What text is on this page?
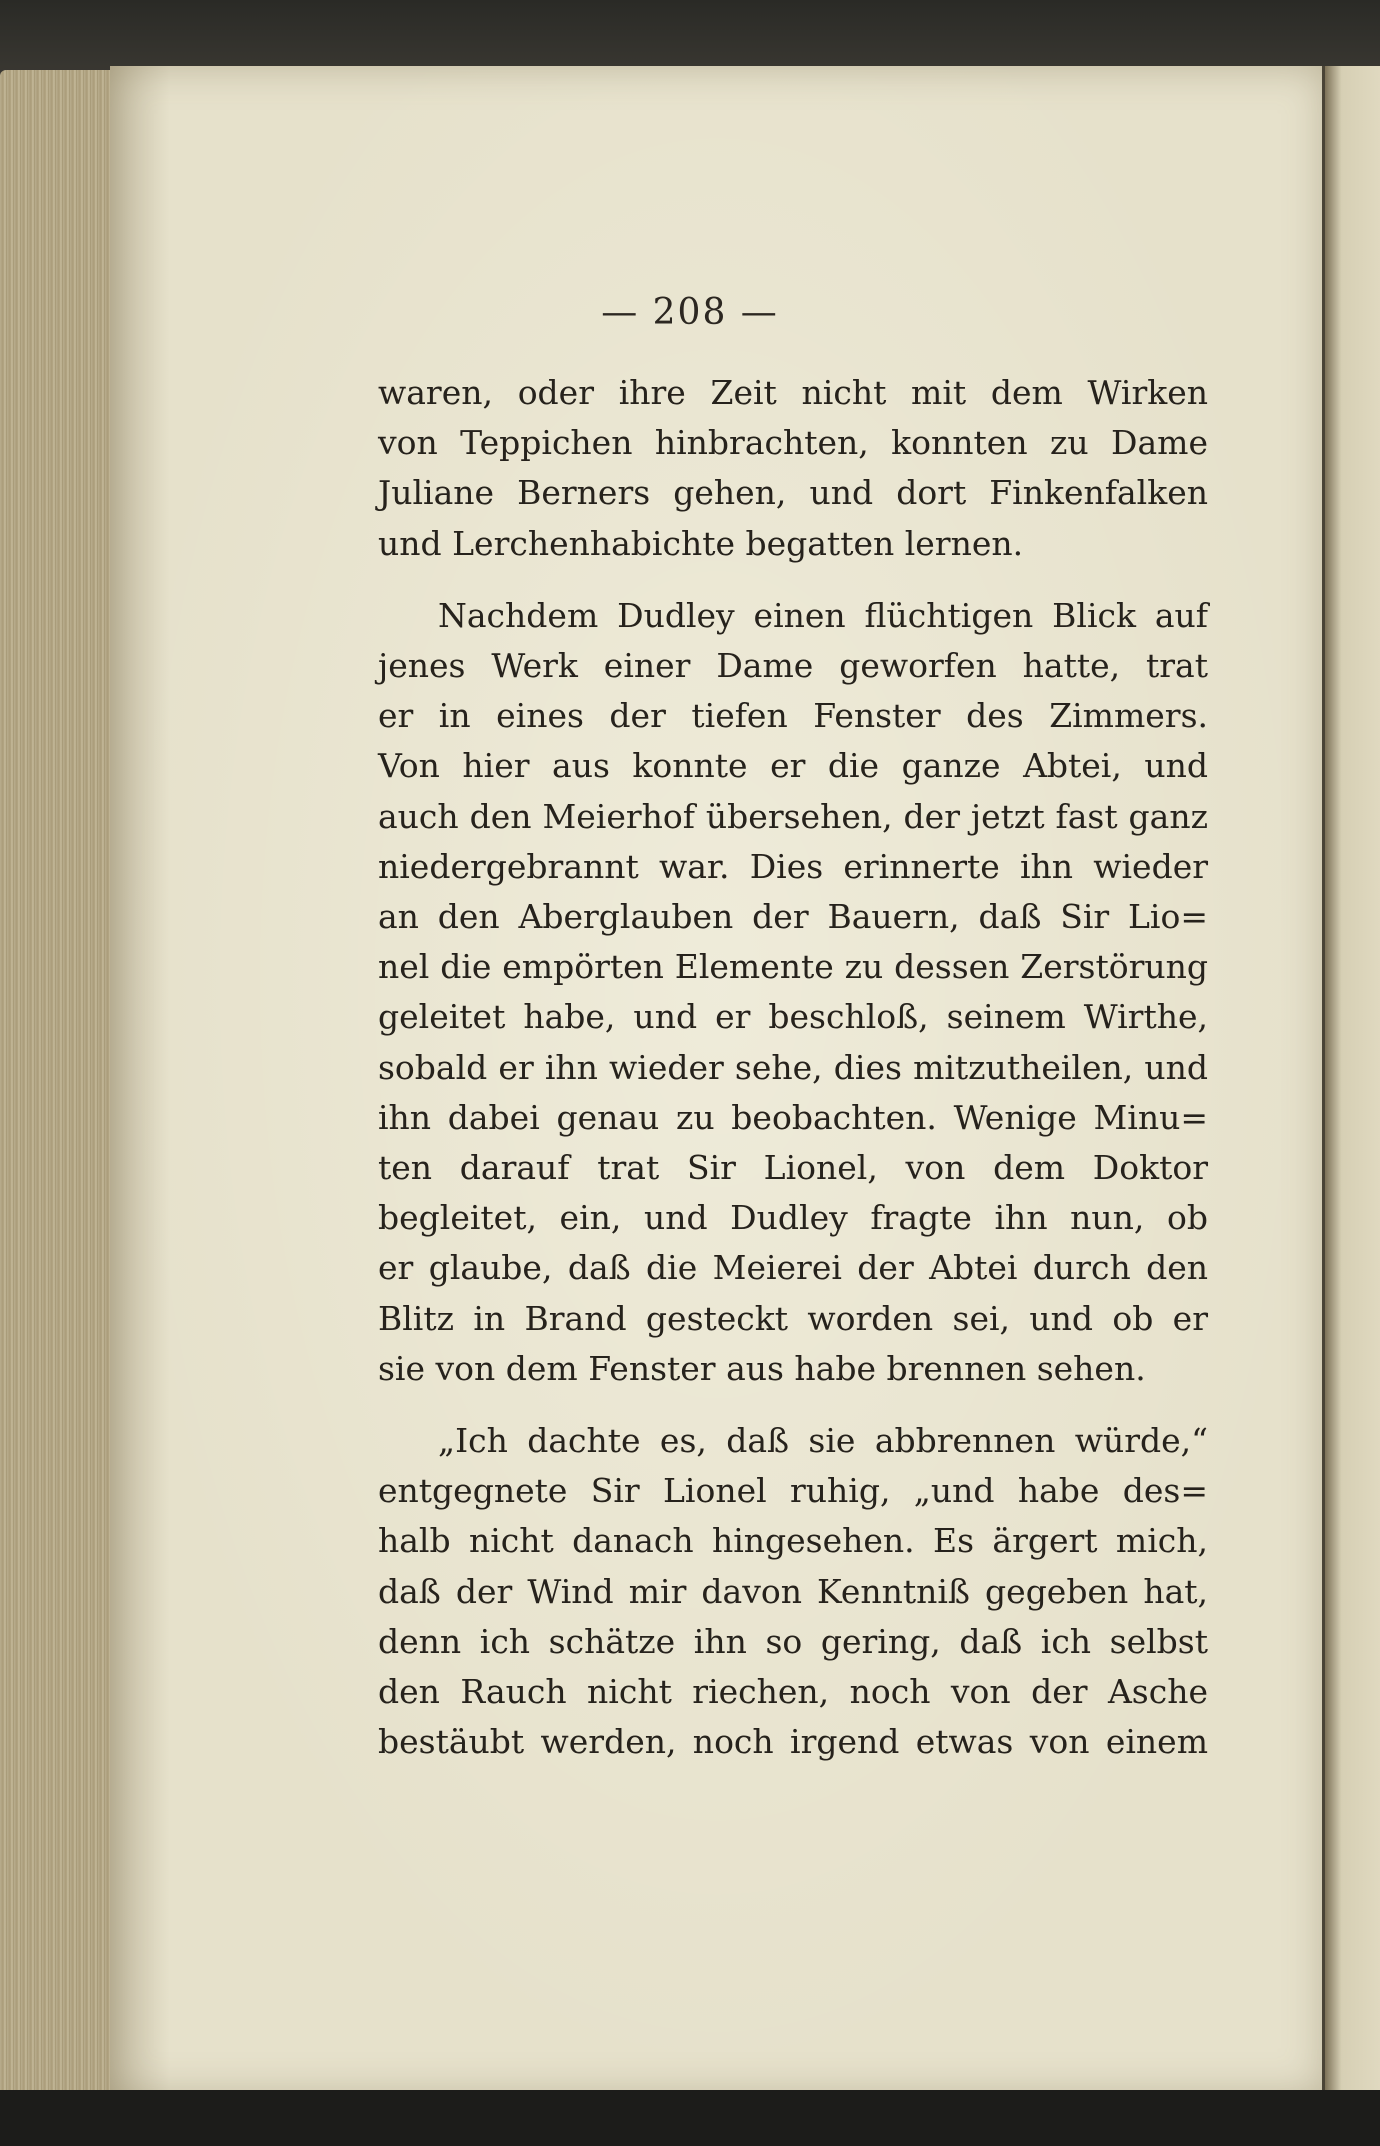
— 208 —
waren, oder ihre Zeit nicht mit dem Wirken
von Teppichen hinbrachten, konnten zu Dame
Juliane Berners gehen, und dort Finkenfalken
und Lerchenhabichte begatten lernen.
Nachdem Dudley einen flüchtigen Blick auf
jenes Werk einer Dame geworfen hatte, trat
er in eines der tiefen Fenster des Zimmers.
Von hier aus konnte er die ganze Abtei, und
auch den Meierhof übersehen, der jetzt fast ganz
niedergebrannt war. Dies erinnerte ihn wieder
an den Aberglauben der Bauern, daß Sir Lio=
nel die empörten Elemente zu dessen Zerstörung
geleitet habe, und er beschloß, seinem Wirthe,
sobald er ihn wieder sehe, dies mitzutheilen, und
ihn dabei genau zu beobachten. Wenige Minu=
ten darauf trat Sir Lionel, von dem Doktor
begleitet, ein, und Dudley fragte ihn nun, ob
er glaube, daß die Meierei der Abtei durch den
Blitz in Brand gesteckt worden sei, und ob er
sie von dem Fenster aus habe brennen sehen.
„Ich dachte es, daß sie abbrennen würde,“
entgegnete Sir Lionel ruhig, „und habe des=
halb nicht danach hingesehen. Es ärgert mich,
daß der Wind mir davon Kenntniß gegeben hat,
denn ich schätze ihn so gering, daß ich selbst
den Rauch nicht riechen, noch von der Asche
bestäubt werden, noch irgend etwas von einem
